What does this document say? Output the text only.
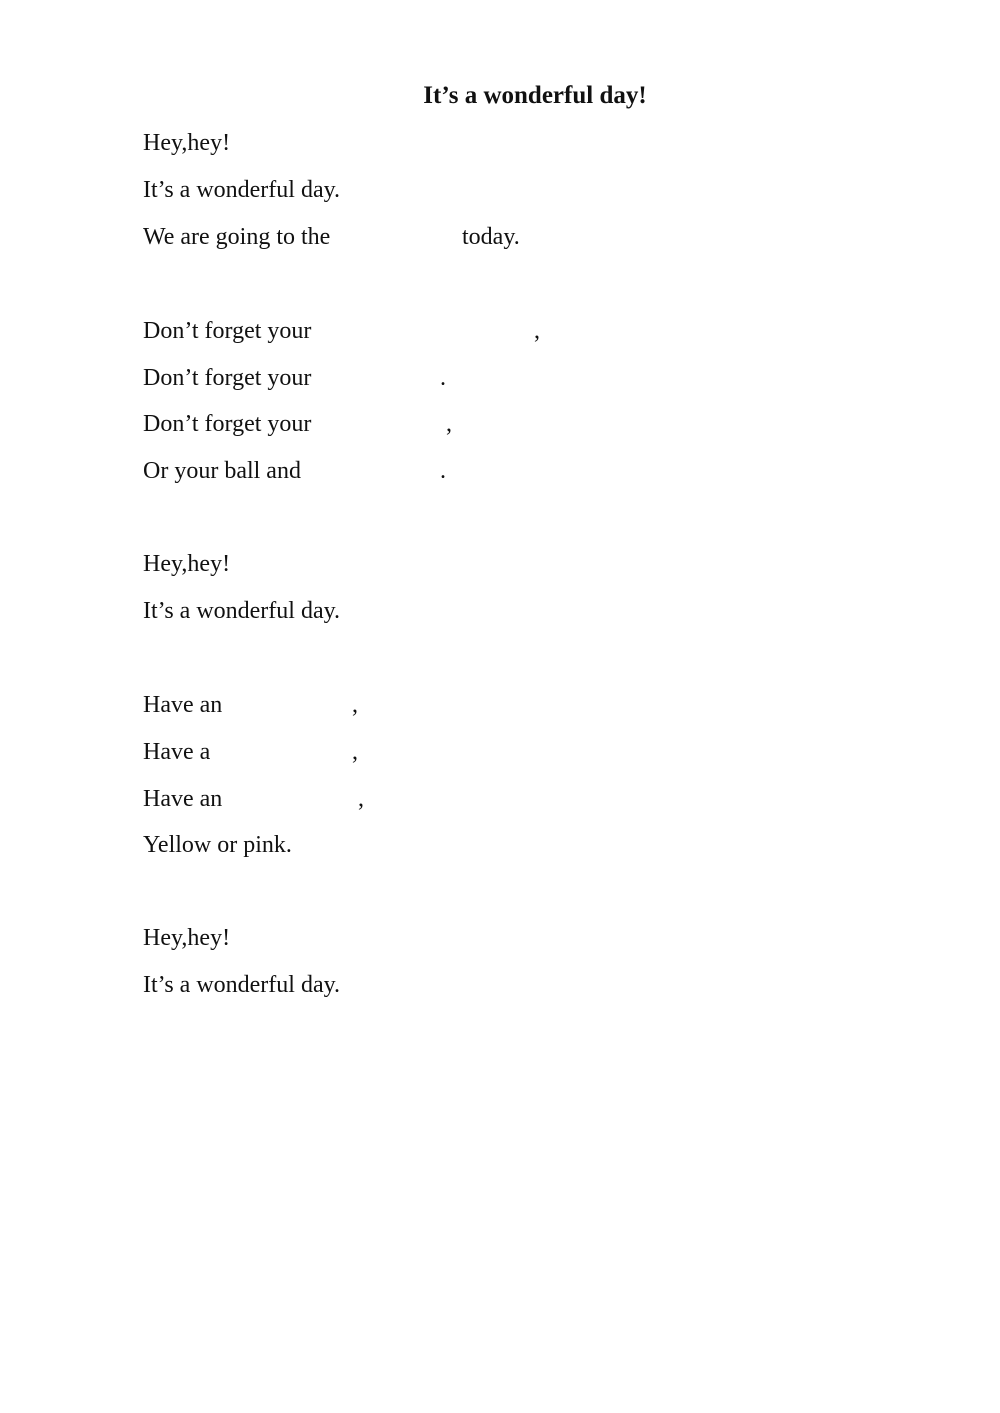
It’s a wonderful day!

Hey,hey!

It’s a wonderful day.

We are going to the	today.

Don’t forget your	,

Don’t forget your	.

Don’t forget your	,

Or your ball and	.

Hey,hey!

It’s a wonderful day.

Have an	,

Have a	,

Have an	,

Yellow or pink.

Hey,hey!

It’s a wonderful day.
